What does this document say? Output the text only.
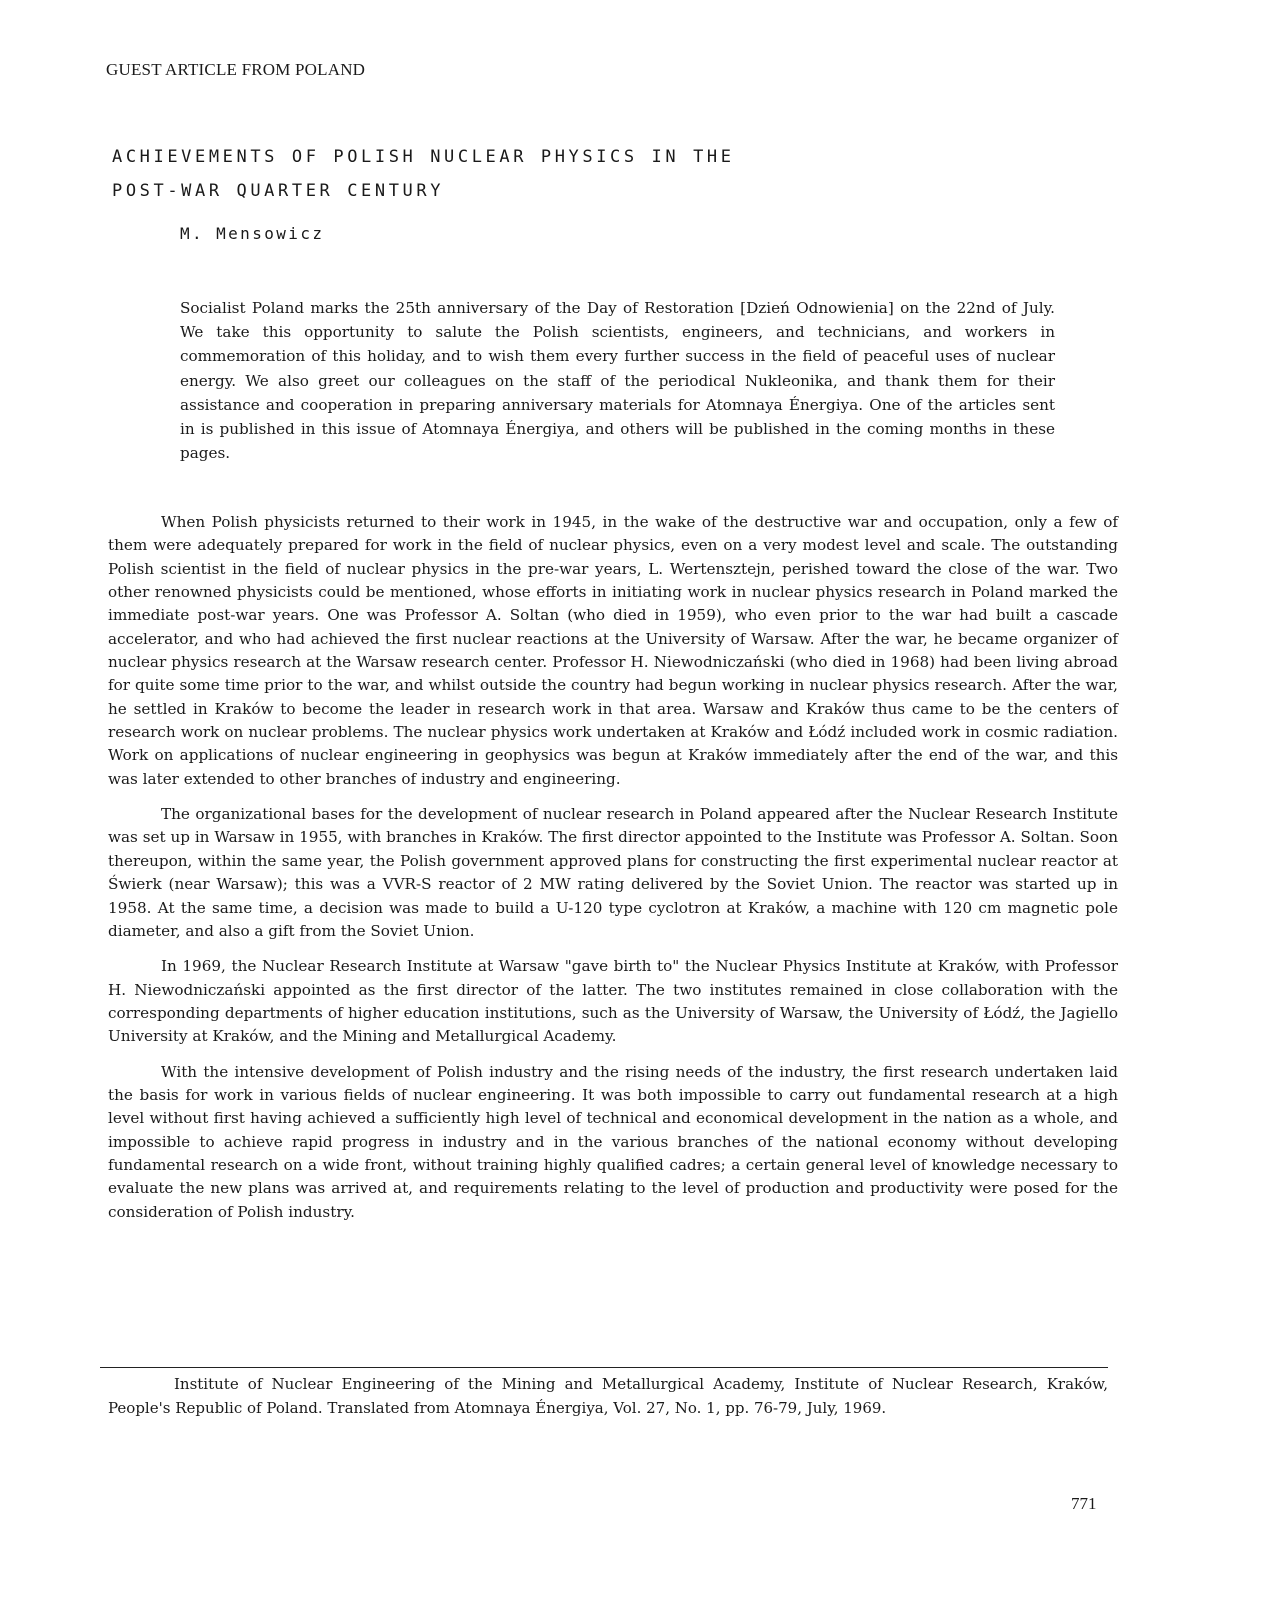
GUEST ARTICLE FROM POLAND
ACHIEVEMENTS OF POLISH NUCLEAR PHYSICS IN THE
POST-WAR QUARTER CENTURY
M. Mensowicz

Socialist Poland marks the 25th anniversary of the Day of Restoration [Dzień Odnowienia] on the 22nd of July. We take this opportunity to salute the Polish scientists, engineers, and technicians, and workers in commemoration of this holiday, and to wish them every further success in the field of peaceful uses of nuclear energy. We also greet our colleagues on the staff of the periodical Nukleonika, and thank them for their assistance and cooperation in preparing anniversary materials for Atomnaya Énergiya. One of the articles sent in is published in this issue of Atomnaya Énergiya, and others will be published in the coming months in these pages.

When Polish physicists returned to their work in 1945, in the wake of the destructive war and occupation, only a few of them were adequately prepared for work in the field of nuclear physics, even on a very modest level and scale. The outstanding Polish scientist in the field of nuclear physics in the pre-war years, L. Wertensztejn, perished toward the close of the war. Two other renowned physicists could be mentioned, whose efforts in initiating work in nuclear physics research in Poland marked the immediate post-war years. One was Professor A. Soltan (who died in 1959), who even prior to the war had built a cascade accelerator, and who had achieved the first nuclear reactions at the University of Warsaw. After the war, he became organizer of nuclear physics research at the Warsaw research center. Professor H. Niewodniczański (who died in 1968) had been living abroad for quite some time prior to the war, and whilst outside the country had begun working in nuclear physics research. After the war, he settled in Kraków to become the leader in research work in that area. Warsaw and Kraków thus came to be the centers of research work on nuclear problems. The nuclear physics work undertaken at Kraków and Łódź included work in cosmic radiation. Work on applications of nuclear engineering in geophysics was begun at Kraków immediately after the end of the war, and this was later extended to other branches of industry and engineering.

The organizational bases for the development of nuclear research in Poland appeared after the Nuclear Research Institute was set up in Warsaw in 1955, with branches in Kraków. The first director appointed to the Institute was Professor A. Soltan. Soon thereupon, within the same year, the Polish government approved plans for constructing the first experimental nuclear reactor at Świerk (near Warsaw); this was a VVR-S reactor of 2 MW rating delivered by the Soviet Union. The reactor was started up in 1958. At the same time, a decision was made to build a U-120 type cyclotron at Kraków, a machine with 120 cm magnetic pole diameter, and also a gift from the Soviet Union.

In 1969, the Nuclear Research Institute at Warsaw "gave birth to" the Nuclear Physics Institute at Kraków, with Professor H. Niewodniczański appointed as the first director of the latter. The two institutes remained in close collaboration with the corresponding departments of higher education institutions, such as the University of Warsaw, the University of Łódź, the Jagiello University at Kraków, and the Mining and Metallurgical Academy.

With the intensive development of Polish industry and the rising needs of the industry, the first research undertaken laid the basis for work in various fields of nuclear engineering. It was both impossible to carry out fundamental research at a high level without first having achieved a sufficiently high level of technical and economical development in the nation as a whole, and impossible to achieve rapid progress in industry and in the various branches of the national economy without developing fundamental research on a wide front, without training highly qualified cadres; a certain general level of knowledge necessary to evaluate the new plans was arrived at, and requirements relating to the level of production and productivity were posed for the consideration of Polish industry.

Institute of Nuclear Engineering of the Mining and Metallurgical Academy, Institute of Nuclear Research, Kraków, People's Republic of Poland. Translated from Atomnaya Énergiya, Vol. 27, No. 1, pp. 76-79, July, 1969.

771
